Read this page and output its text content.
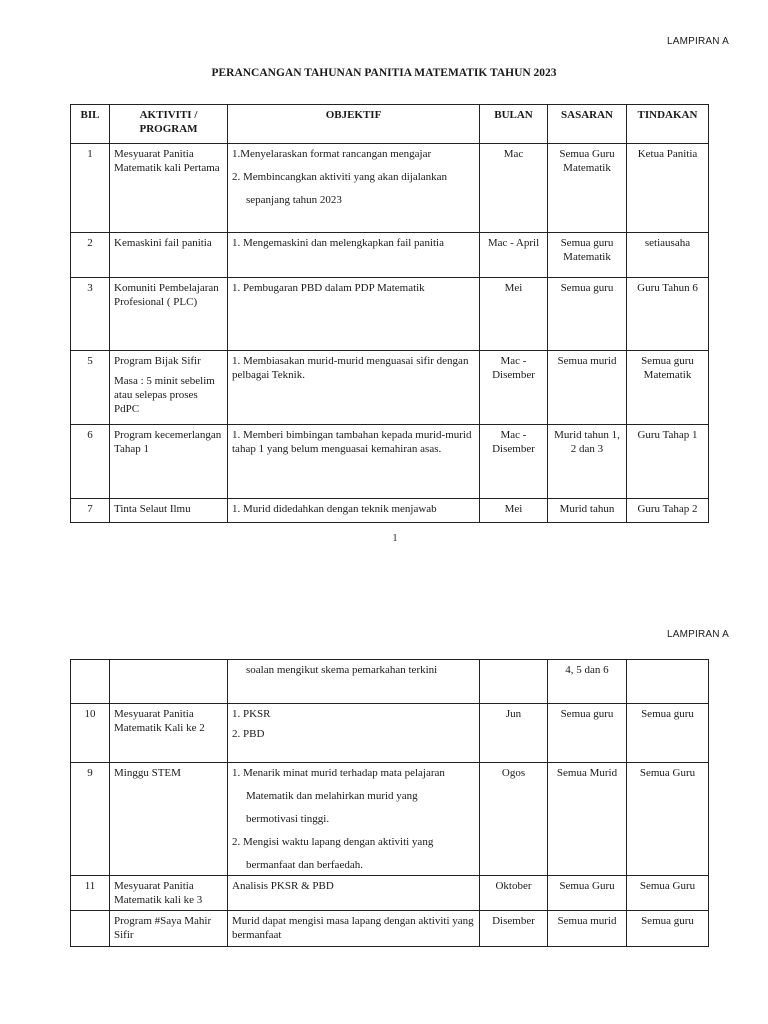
LAMPIRAN A
PERANCANGAN TAHUNAN PANITIA MATEMATIK TAHUN 2023
BIL	AKTIVITI / PROGRAM	OBJEKTIF	BULAN	SASARAN	TINDAKAN
1	Mesyuarat Panitia Matematik kali Pertama	1.Menyelaraskan format rancangan mengajar
2. Membincangkan aktiviti yang akan dijalankan
sepanjang tahun 2023	Mac	Semua Guru Matematik	Ketua Panitia
2	Kemaskini fail panitia	1. Mengemaskini dan melengkapkan fail panitia	Mac - April	Semua guru Matematik	setiausaha
3	Komuniti Pembelajaran Profesional ( PLC)	1. Pembugaran PBD dalam PDP Matematik	Mei	Semua guru	Guru Tahun 6
5	Program Bijak Sifir
Masa : 5 minit sebelim atau selepas proses PdPC	1. Membiasakan murid-murid menguasai sifir dengan pelbagai Teknik.	Mac - Disember	Semua murid	Semua guru Matematik
6	Program kecemerlangan Tahap 1	1. Memberi bimbingan tambahan kepada murid-murid tahap 1 yang belum menguasai kemahiran asas.	Mac - Disember	Murid tahun 1, 2 dan 3	Guru Tahap 1
7	Tinta Selaut Ilmu	1. Murid didedahkan dengan teknik menjawab	Mei	Murid tahun	Guru Tahap 2
1
LAMPIRAN A

		soalan mengikut skema pemarkahan terkini		4, 5 dan 6	
10	Mesyuarat Panitia Matematik Kali ke 2	1. PKSR
2. PBD	Jun	Semua guru	Semua guru
9	Minggu STEM	1. Menarik minat murid terhadap mata pelajaran
Matematik dan melahirkan murid yang
bermotivasi tinggi.
2. Mengisi waktu lapang dengan aktiviti yang
bermanfaat dan berfaedah.	Ogos	Semua Murid	Semua Guru
11	Mesyuarat Panitia Matematik kali ke 3	Analisis PKSR & PBD	Oktober	Semua Guru	Semua Guru
	Program #Saya Mahir Sifir	Murid dapat mengisi masa lapang dengan aktiviti yang bermanfaat	Disember	Semua murid	Semua guru
